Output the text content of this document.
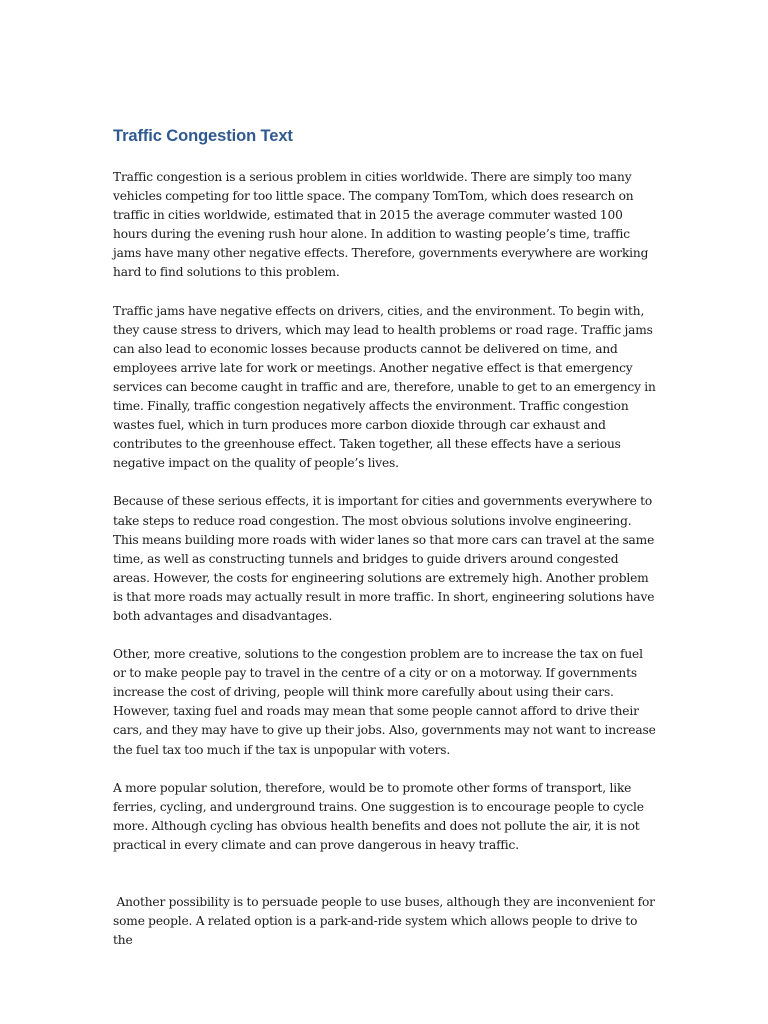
Traffic Congestion Text

Traffic congestion is a serious problem in cities worldwide. There are simply too many vehicles competing for too little space. The company TomTom, which does research on traffic in cities worldwide, estimated that in 2015 the average commuter wasted 100 hours during the evening rush hour alone. In addition to wasting people’s time, traffic jams have many other negative effects. Therefore, governments everywhere are working hard to find solutions to this problem.

Traffic jams have negative effects on drivers, cities, and the environment. To begin with, they cause stress to drivers, which may lead to health problems or road rage. Traffic jams can also lead to economic losses because products cannot be delivered on time, and employees arrive late for work or meetings. Another negative effect is that emergency services can become caught in traffic and are, therefore, unable to get to an emergency in time. Finally, traffic congestion negatively affects the environment. Traffic congestion wastes fuel, which in turn produces more carbon dioxide through car exhaust and contributes to the greenhouse effect. Taken together, all these effects have a serious negative impact on the quality of people’s lives.

Because of these serious effects, it is important for cities and governments everywhere to take steps to reduce road congestion. The most obvious solutions involve engineering. This means building more roads with wider lanes so that more cars can travel at the same time, as well as constructing tunnels and bridges to guide drivers around congested areas. However, the costs for engineering solutions are extremely high. Another problem is that more roads may actually result in more traffic. In short, engineering solutions have both advantages and disadvantages.

Other, more creative, solutions to the congestion problem are to increase the tax on fuel or to make people pay to travel in the centre of a city or on a motorway. If governments increase the cost of driving, people will think more carefully about using their cars. However, taxing fuel and roads may mean that some people cannot afford to drive their cars, and they may have to give up their jobs. Also, governments may not want to increase the fuel tax too much if the tax is unpopular with voters.

A more popular solution, therefore, would be to promote other forms of transport, like ferries, cycling, and underground trains. One suggestion is to encourage people to cycle more. Although cycling has obvious health benefits and does not pollute the air, it is not practical in every climate and can prove dangerous in heavy traffic.

Another possibility is to persuade people to use buses, although they are inconvenient for some people. A related option is a park-and-ride system which allows people to drive to the
